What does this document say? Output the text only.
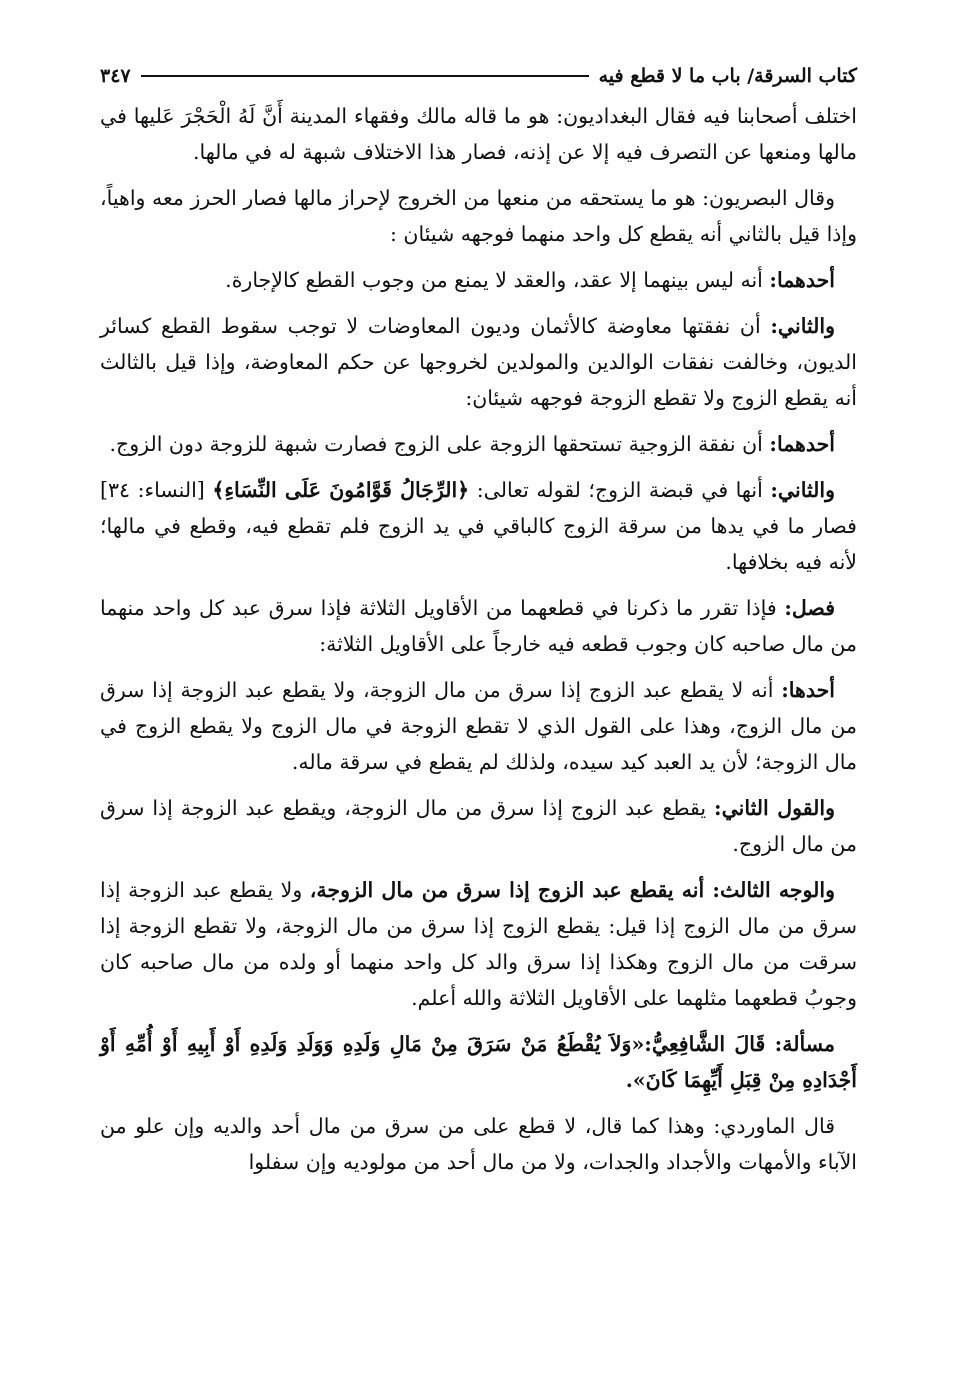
كتاب السرقة/ باب ما لا قطع فيه
٣٤٧

اختلف أصحابنا فيه فقال البغداديون: هو ما قاله مالك وفقهاء المدينة أَنَّ لَهُ الْحَجْرَ عَليها في مالها ومنعها عن التصرف فيه إلا عن إذنه، فصار هذا الاختلاف شبهة له في مالها.

وقال البصريون: هو ما يستحقه من منعها من الخروج لإحراز مالها فصار الحرز معه واهياً، وإذا قيل بالثاني أنه يقطع كل واحد منهما فوجهه شيئان :

أحدهما: أنه ليس بينهما إلا عقد، والعقد لا يمنع من وجوب القطع كالإجارة.

والثاني: أن نفقتها معاوضة كالأثمان وديون المعاوضات لا توجب سقوط القطع كسائر الديون، وخالفت نفقات الوالدين والمولدين لخروجها عن حكم المعاوضة، وإذا قيل بالثالث أنه يقطع الزوج ولا تقطع الزوجة فوجهه شيئان:

أحدهما: أن نفقة الزوجية تستحقها الزوجة على الزوج فصارت شبهة للزوجة دون الزوج.

والثاني: أنها في قبضة الزوج؛ لقوله تعالى: ﴿الرِّجَالُ قَوَّامُونَ عَلَى النِّسَاءِ﴾ [النساء: ٣٤] فصار ما في يدها من سرقة الزوج كالباقي في يد الزوج فلم تقطع فيه، وقطع في مالها؛ لأنه فيه بخلافها.

فصل: فإذا تقرر ما ذكرنا في قطعهما من الأقاويل الثلاثة فإذا سرق عبد كل واحد منهما من مال صاحبه كان وجوب قطعه فيه خارجاً على الأقاويل الثلاثة:

أحدها: أنه لا يقطع عبد الزوج إذا سرق من مال الزوجة، ولا يقطع عبد الزوجة إذا سرق من مال الزوج، وهذا على القول الذي لا تقطع الزوجة في مال الزوج ولا يقطع الزوج في مال الزوجة؛ لأن يد العبد كيد سيده، ولذلك لم يقطع في سرقة ماله.

والقول الثاني: يقطع عبد الزوج إذا سرق من مال الزوجة، ويقطع عبد الزوجة إذا سرق من مال الزوج.

والوجه الثالث: أنه يقطع عبد الزوج إذا سرق من مال الزوجة، ولا يقطع عبد الزوجة إذا سرق من مال الزوج إذا قيل: يقطع الزوج إذا سرق من مال الزوجة، ولا تقطع الزوجة إذا سرقت من مال الزوج وهكذا إذا سرق والد كل واحد منهما أو ولده من مال صاحبه كان وجوبُ قطعهما مثلهما على الأقاويل الثلاثة والله أعلم.

مسألة: قَالَ الشَّافِعِيُّ:«وَلاَ يُقْطَعُ مَنْ سَرَقَ مِنْ مَالِ وَلَدِهِ وَوَلَدِ وَلَدِهِ أَوْ أَبِيهِ أَوْ أُمِّهِ أَوْ أَجْدَادِهِ مِنْ قِبَلِ أَيِّهِمَا كَانَ».

قال الماوردي: وهذا كما قال، لا قطع على من سرق من مال أحد والديه وإن علو من الآباء والأمهات والأجداد والجدات، ولا من مال أحد من مولوديه وإن سفلوا
